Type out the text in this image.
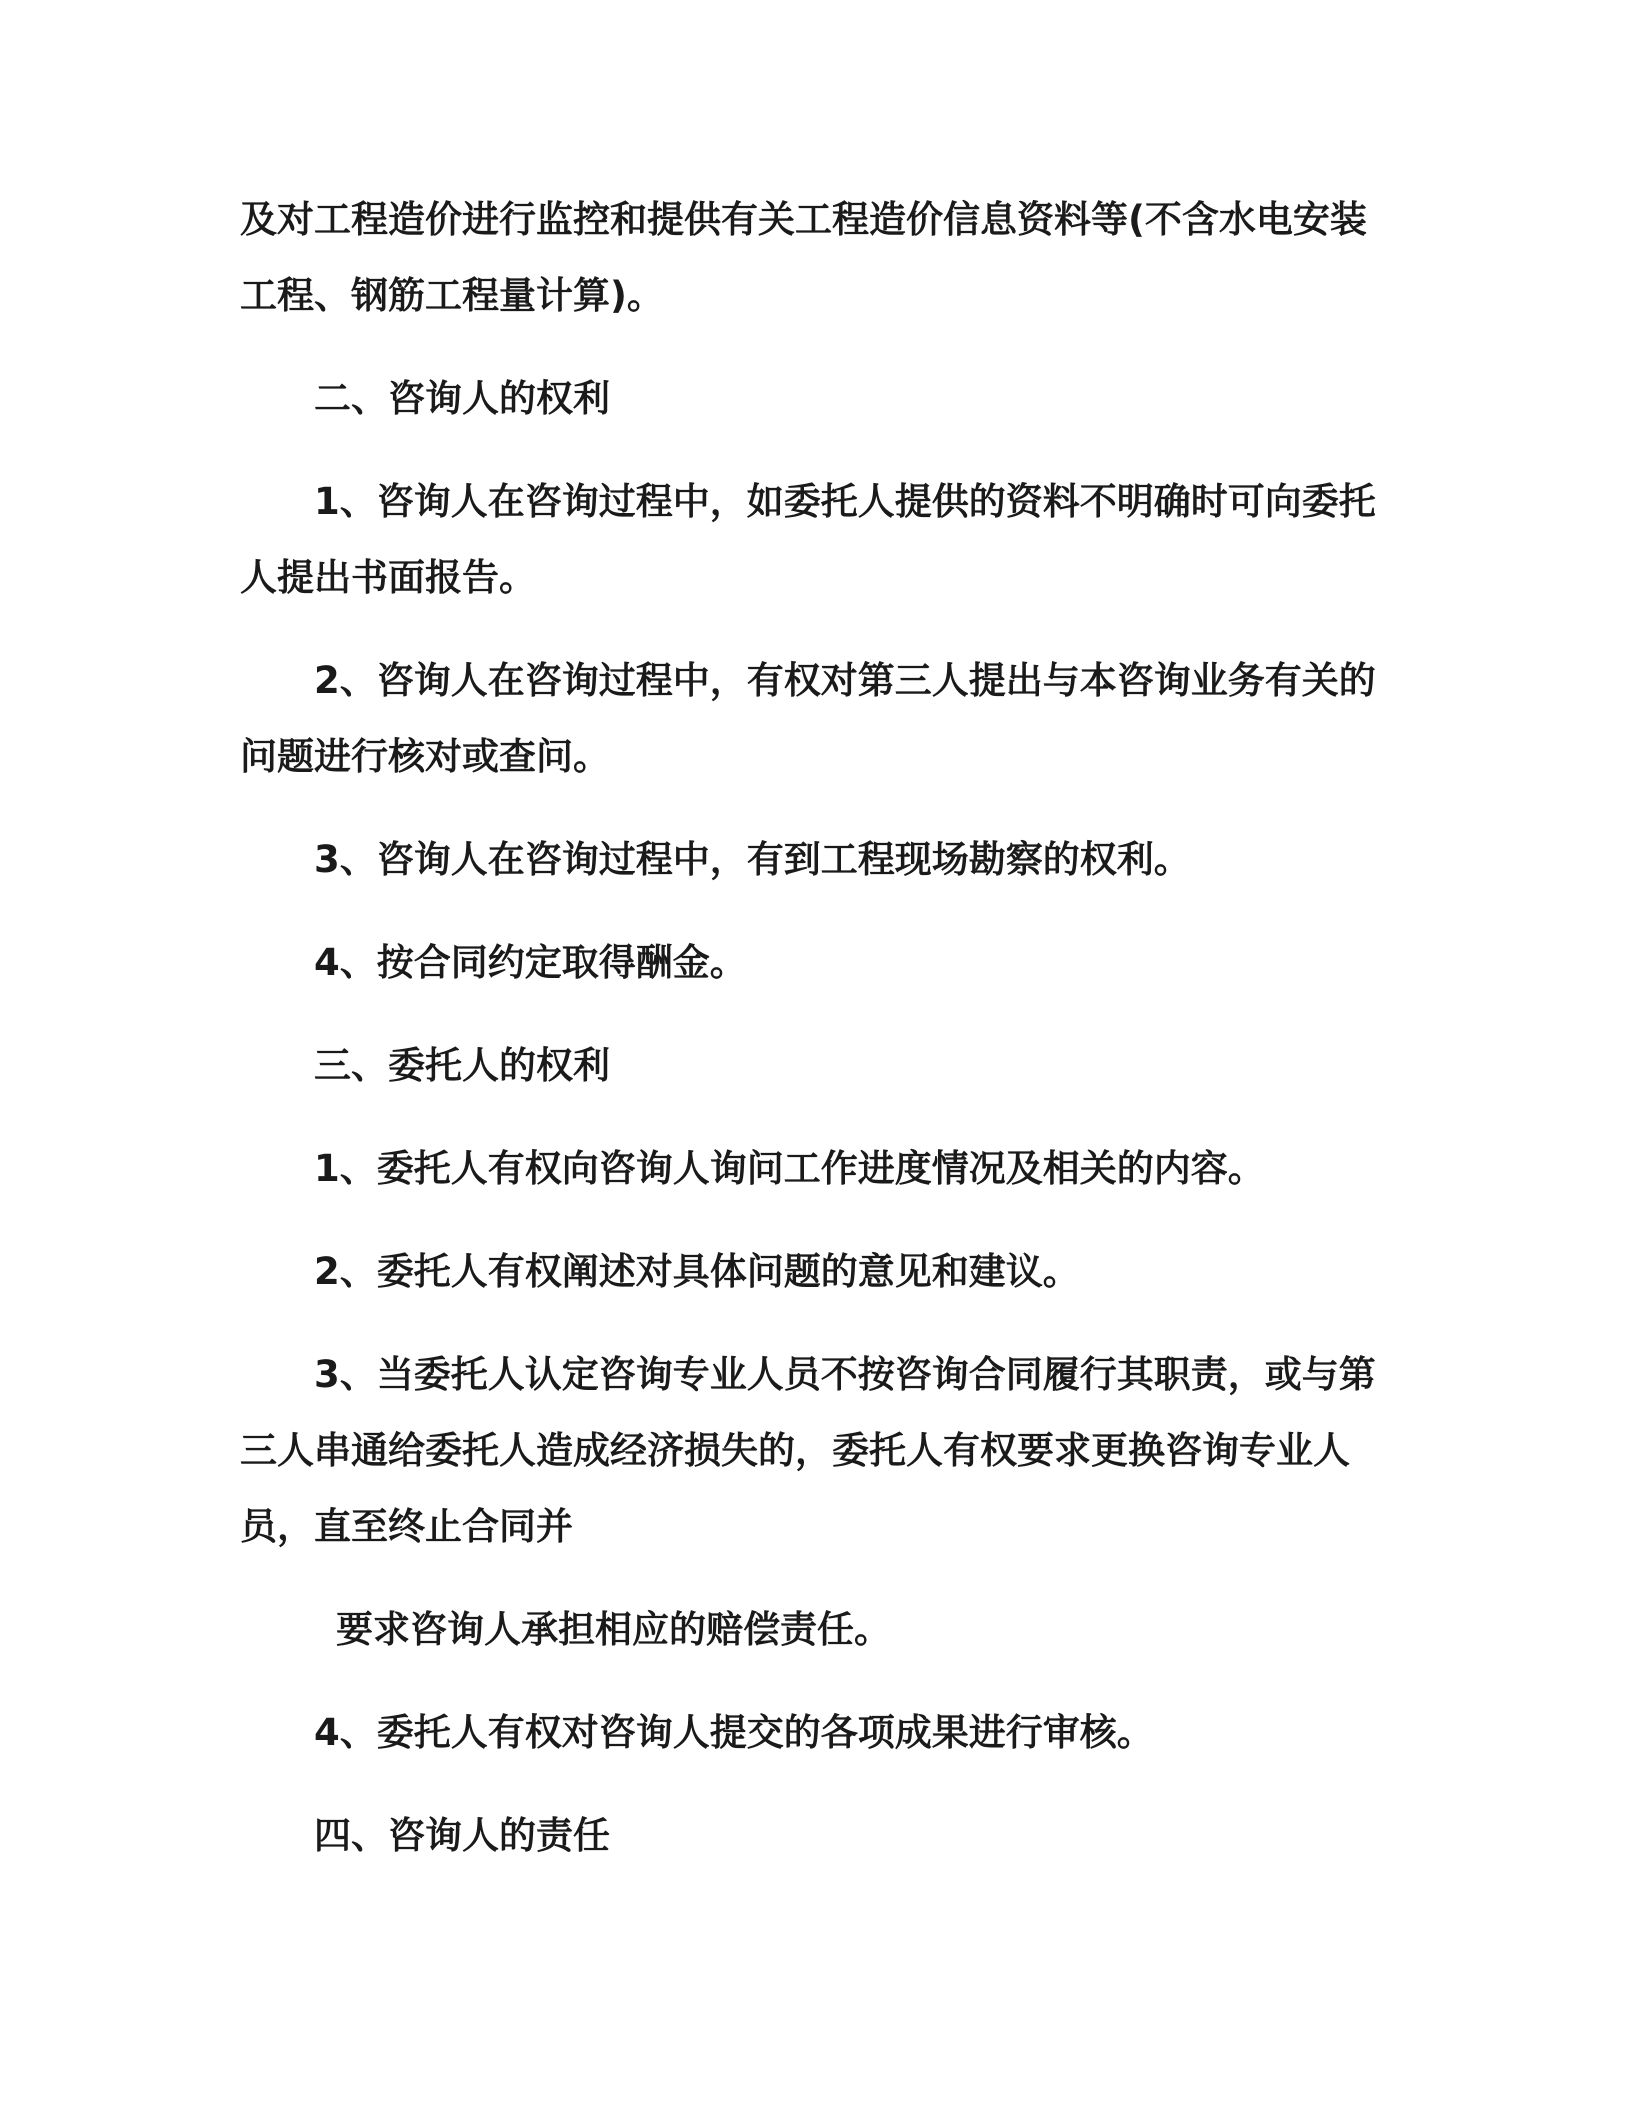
及对工程造价进行监控和提供有关工程造价信息资料等(不含水电安装工程、钢筋工程量计算)。

二、咨询人的权利

1、咨询人在咨询过程中，如委托人提供的资料不明确时可向委托人提出书面报告。

2、咨询人在咨询过程中，有权对第三人提出与本咨询业务有关的问题进行核对或查问。

3、咨询人在咨询过程中，有到工程现场勘察的权利。

4、按合同约定取得酬金。

三、委托人的权利

1、委托人有权向咨询人询问工作进度情况及相关的内容。

2、委托人有权阐述对具体问题的意见和建议。

3、当委托人认定咨询专业人员不按咨询合同履行其职责，或与第三人串通给委托人造成经济损失的，委托人有权要求更换咨询专业人员，直至终止合同并

要求咨询人承担相应的赔偿责任。

4、委托人有权对咨询人提交的各项成果进行审核。

四、咨询人的责任
